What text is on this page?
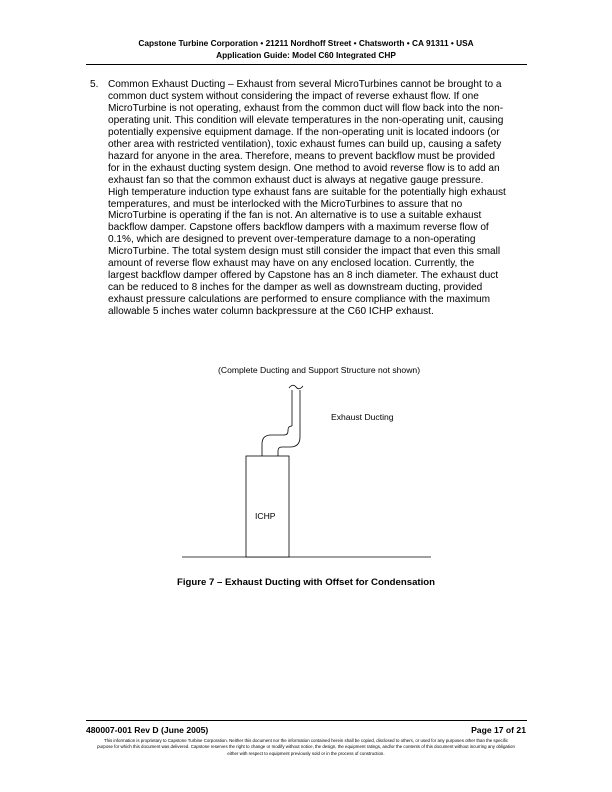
Capstone Turbine Corporation • 21211 Nordhoff Street • Chatsworth • CA 91311 • USA
Application Guide: Model C60 Integrated CHP
5. Common Exhaust Ducting – Exhaust from several MicroTurbines cannot be brought to a
common duct system without considering the impact of reverse exhaust flow. If one
MicroTurbine is not operating, exhaust from the common duct will flow back into the non-
operating unit. This condition will elevate temperatures in the non-operating unit, causing
potentially expensive equipment damage. If the non-operating unit is located indoors (or
other area with restricted ventilation), toxic exhaust fumes can build up, causing a safety
hazard for anyone in the area. Therefore, means to prevent backflow must be provided
for in the exhaust ducting system design. One method to avoid reverse flow is to add an
exhaust fan so that the common exhaust duct is always at negative gauge pressure.
High temperature induction type exhaust fans are suitable for the potentially high exhaust
temperatures, and must be interlocked with the MicroTurbines to assure that no
MicroTurbine is operating if the fan is not. An alternative is to use a suitable exhaust
backflow damper. Capstone offers backflow dampers with a maximum reverse flow of
0.1%, which are designed to prevent over-temperature damage to a non-operating
MicroTurbine. The total system design must still consider the impact that even this small
amount of reverse flow exhaust may have on any enclosed location. Currently, the
largest backflow damper offered by Capstone has an 8 inch diameter. The exhaust duct
can be reduced to 8 inches for the damper as well as downstream ducting, provided
exhaust pressure calculations are performed to ensure compliance with the maximum
allowable 5 inches water column backpressure at the C60 ICHP exhaust.
(Complete Ducting and Support Structure not shown)
Exhaust Ducting
ICHP
Figure 7 – Exhaust Ducting with Offset for Condensation
480007-001 Rev D (June 2005)	Page 17 of 21
This information is proprietary to Capstone Turbine Corporation. Neither this document nor the information contained herein shall be copied, disclosed to others, or used for any purposes other than the specific purpose for which this document was delivered. Capstone reserves the right to change or modify without notice, the design, the equipment ratings, and/or the contents of this document without incurring any obligation either with respect to equipment previously sold or in the process of construction.
